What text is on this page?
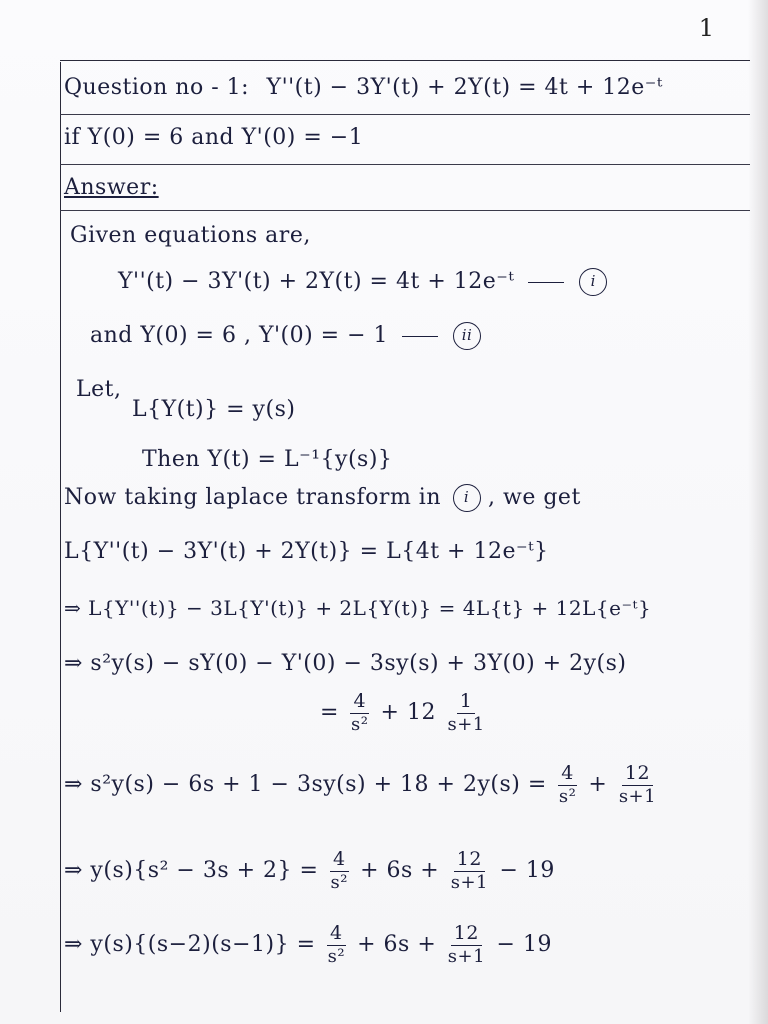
1
Question no - 1: Y''(t) − 3Y'(t) + 2Y(t) = 4t + 12e⁻ᵗ
if Y(0) = 6 and Y'(0) = −1
Answer:
Given equations are,
Y''(t) − 3Y'(t) + 2Y(t) = 4t + 12e⁻ᵗ	i
and Y(0) = 6 , Y'(0) = − 1	ii
Let,
L{Y(t)} = y(s)
Then Y(t) = L⁻¹{y(s)}
Now taking laplace transform in i , we get
L{Y''(t) − 3Y'(t) + 2Y(t)} = L{4t + 12e⁻ᵗ}
⇒ L{Y''(t)} − 3L{Y'(t)} + 2L{Y(t)} = 4L{t} + 12L{e⁻ᵗ}
⇒ s²y(s) − sY(0) − Y'(0) − 3sy(s) + 3Y(0) + 2y(s)
= $\frac{4}{\text{s²}} + 12 \frac{1}{s+1}$
⇒ $s^2y(s) - 6s + 1 - 3sy(s) + 18 + 2y(s) = \frac{4}{\text{s²}} + \frac{12}{s+1}$
⇒ $y(s)\{s^2 - 3s + 2\} = \frac{4}{\text{s²}} + 6s + \frac{12}{s+1} - 19$
⇒ $y(s)\{(s-2)(s-1)\} = \frac{4}{\text{s²}} + 6s + \frac{12}{s+1} - 19$
